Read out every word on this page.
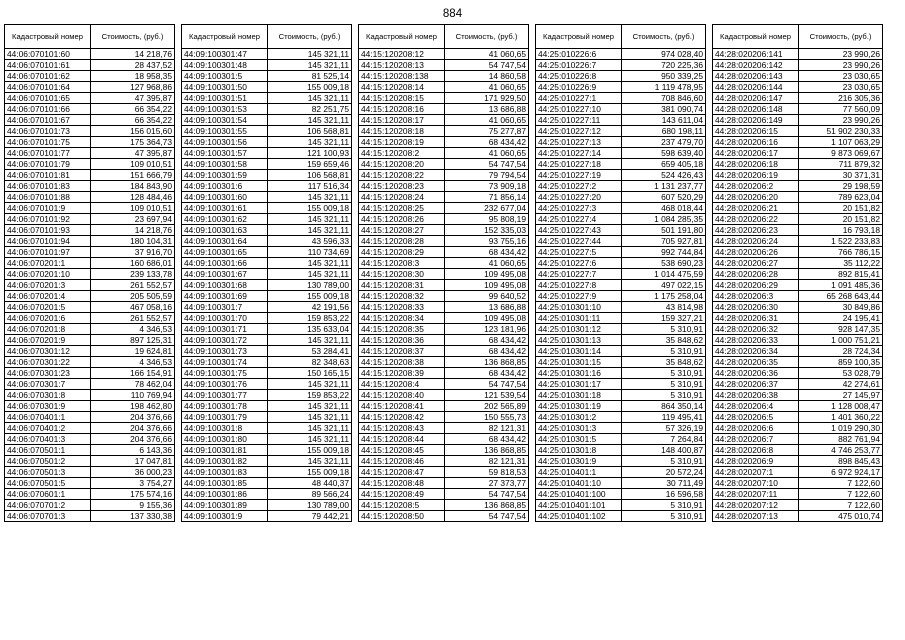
884
Кадастровый номер	Стоимость, (руб.)
44:06:070101:60	14 218,76
44:06:070101:61	28 437,52
44:06:070101:62	18 958,35
44:06:070101:64	127 968,86
44:06:070101:65	47 395,87
44:06:070101:66	66 354,22
44:06:070101:67	66 354,22
44:06:070101:73	156 015,60
44:06:070101:75	175 364,73
44:06:070101:77	47 395,87
44:06:070101:79	109 010,51
44:06:070101:81	151 666,79
44:06:070101:83	184 843,90
44:06:070101:88	128 484,46
44:06:070101:9	109 010,51
44:06:070101:92	23 697,94
44:06:070101:93	14 218,76
44:06:070101:94	180 104,31
44:06:070101:97	37 916,70
44:06:070201:1	160 686,01
44:06:070201:10	239 133,78
44:06:070201:3	261 552,57
44:06:070201:4	205 505,59
44:06:070201:5	467 058,16
44:06:070201:6	261 552,57
44:06:070201:8	4 346,53
44:06:070201:9	897 125,31
44:06:070301:12	19 624,81
44:06:070301:22	4 346,53
44:06:070301:23	166 154,91
44:06:070301:7	78 462,04
44:06:070301:8	110 769,94
44:06:070301:9	198 462,80
44:06:070401:1	204 376,66
44:06:070401:2	204 376,66
44:06:070401:3	204 376,66
44:06:070501:1	6 143,36
44:06:070501:2	17 047,81
44:06:070501:3	36 000,23
44:06:070501:5	3 754,27
44:06:070601:1	175 574,16
44:06:070701:2	9 155,36
44:06:070701:3	137 330,38
Кадастровый номер	Стоимость, (руб.)
44:09:100301:47	145 321,11
44:09:100301:48	145 321,11
44:09:100301:5	81 525,14
44:09:100301:50	155 009,18
44:09:100301:51	145 321,11
44:09:100301:53	82 251,75
44:09:100301:54	145 321,11
44:09:100301:55	106 568,81
44:09:100301:56	145 321,11
44:09:100301:57	121 100,93
44:09:100301:58	159 659,46
44:09:100301:59	106 568,81
44:09:100301:6	117 516,34
44:09:100301:60	145 321,11
44:09:100301:61	155 009,18
44:09:100301:62	145 321,11
44:09:100301:63	145 321,11
44:09:100301:64	43 596,33
44:09:100301:65	110 734,69
44:09:100301:66	145 321,11
44:09:100301:67	145 321,11
44:09:100301:68	130 789,00
44:09:100301:69	155 009,18
44:09:100301:7	42 191,56
44:09:100301:70	159 853,22
44:09:100301:71	135 633,04
44:09:100301:72	145 321,11
44:09:100301:73	53 284,41
44:09:100301:74	82 348,63
44:09:100301:75	150 165,15
44:09:100301:76	145 321,11
44:09:100301:77	159 853,22
44:09:100301:78	145 321,11
44:09:100301:79	145 321,11
44:09:100301:8	145 321,11
44:09:100301:80	145 321,11
44:09:100301:81	155 009,18
44:09:100301:82	145 321,11
44:09:100301:83	155 009,18
44:09:100301:85	48 440,37
44:09:100301:86	89 566,24
44:09:100301:89	130 789,00
44:09:100301:9	79 442,21
Кадастровый номер	Стоимость, (руб.)
44:15:120208:12	41 060,65
44:15:120208:13	54 747,54
44:15:120208:138	14 860,58
44:15:120208:14	41 060,65
44:15:120208:15	171 929,50
44:15:120208:16	13 686,88
44:15:120208:17	41 060,65
44:15:120208:18	75 277,87
44:15:120208:19	68 434,42
44:15:120208:2	41 060,65
44:15:120208:20	54 747,54
44:15:120208:22	79 794,54
44:15:120208:23	73 909,18
44:15:120208:24	71 856,14
44:15:120208:25	232 677,04
44:15:120208:26	95 808,19
44:15:120208:27	152 335,03
44:15:120208:28	93 755,16
44:15:120208:29	68 434,42
44:15:120208:3	41 060,65
44:15:120208:30	109 495,08
44:15:120208:31	109 495,08
44:15:120208:32	99 640,52
44:15:120208:33	13 686,88
44:15:120208:34	109 495,08
44:15:120208:35	123 181,96
44:15:120208:36	68 434,42
44:15:120208:37	68 434,42
44:15:120208:38	136 868,85
44:15:120208:39	68 434,42
44:15:120208:4	54 747,54
44:15:120208:40	121 539,54
44:15:120208:41	202 565,89
44:15:120208:42	150 555,73
44:15:120208:43	82 121,31
44:15:120208:44	68 434,42
44:15:120208:45	136 868,85
44:15:120208:46	82 121,31
44:15:120208:47	59 818,53
44:15:120208:48	27 373,77
44:15:120208:49	54 747,54
44:15:120208:5	136 868,85
44:15:120208:50	54 747,54
Кадастровый номер	Стоимость, (руб.)
44:25:010226:6	974 028,40
44:25:010226:7	720 225,36
44:25:010226:8	950 339,25
44:25:010226:9	1 119 478,95
44:25:010227:1	708 846,60
44:25:010227:10	381 090,74
44:25:010227:11	143 611,04
44:25:010227:12	680 198,11
44:25:010227:13	237 479,70
44:25:010227:14	598 639,40
44:25:010227:18	659 405,18
44:25:010227:19	524 426,43
44:25:010227:2	1 131 237,77
44:25:010227:20	607 520,29
44:25:010227:3	468 018,44
44:25:010227:4	1 084 285,35
44:25:010227:43	501 191,80
44:25:010227:44	705 927,81
44:25:010227:5	992 744,84
44:25:010227:6	538 690,23
44:25:010227:7	1 014 475,59
44:25:010227:8	497 022,15
44:25:010227:9	1 175 258,04
44:25:010301:10	43 814,98
44:25:010301:11	159 327,21
44:25:010301:12	5 310,91
44:25:010301:13	35 848,62
44:25:010301:14	5 310,91
44:25:010301:15	35 848,62
44:25:010301:16	5 310,91
44:25:010301:17	5 310,91
44:25:010301:18	5 310,91
44:25:010301:19	864 350,14
44:25:010301:2	119 495,41
44:25:010301:3	57 326,19
44:25:010301:5	7 264,84
44:25:010301:8	148 400,87
44:25:010301:9	5 310,91
44:25:010401:1	20 572,24
44:25:010401:10	30 711,49
44:25:010401:100	16 596,58
44:25:010401:101	5 310,91
44:25:010401:102	5 310,91
Кадастровый номер	Стоимость, (руб.)
44:28:020206:141	23 990,26
44:28:020206:142	23 990,26
44:28:020206:143	23 030,65
44:28:020206:144	23 030,65
44:28:020206:147	216 305,36
44:28:020206:148	77 560,09
44:28:020206:149	23 990,26
44:28:020206:15	51 902 230,33
44:28:020206:16	1 107 063,29
44:28:020206:17	9 873 069,67
44:28:020206:18	711 879,32
44:28:020206:19	30 371,31
44:28:020206:2	29 198,59
44:28:020206:20	789 623,04
44:28:020206:21	20 151,82
44:28:020206:22	20 151,82
44:28:020206:23	16 793,18
44:28:020206:24	1 522 233,83
44:28:020206:26	766 786,15
44:28:020206:27	35 112,22
44:28:020206:28	892 815,41
44:28:020206:29	1 091 485,36
44:28:020206:3	65 268 643,44
44:28:020206:30	30 849,86
44:28:020206:31	24 195,41
44:28:020206:32	928 147,35
44:28:020206:33	1 000 751,21
44:28:020206:34	28 724,34
44:28:020206:35	859 100,35
44:28:020206:36	53 028,79
44:28:020206:37	42 274,61
44:28:020206:38	27 145,97
44:28:020206:4	1 128 008,47
44:28:020206:5	1 401 360,22
44:28:020206:6	1 019 290,30
44:28:020206:7	882 761,94
44:28:020206:8	4 746 253,77
44:28:020206:9	898 845,43
44:28:020207:1	6 972 924,17
44:28:020207:10	7 122,60
44:28:020207:11	7 122,60
44:28:020207:12	7 122,60
44:28:020207:13	475 010,74
